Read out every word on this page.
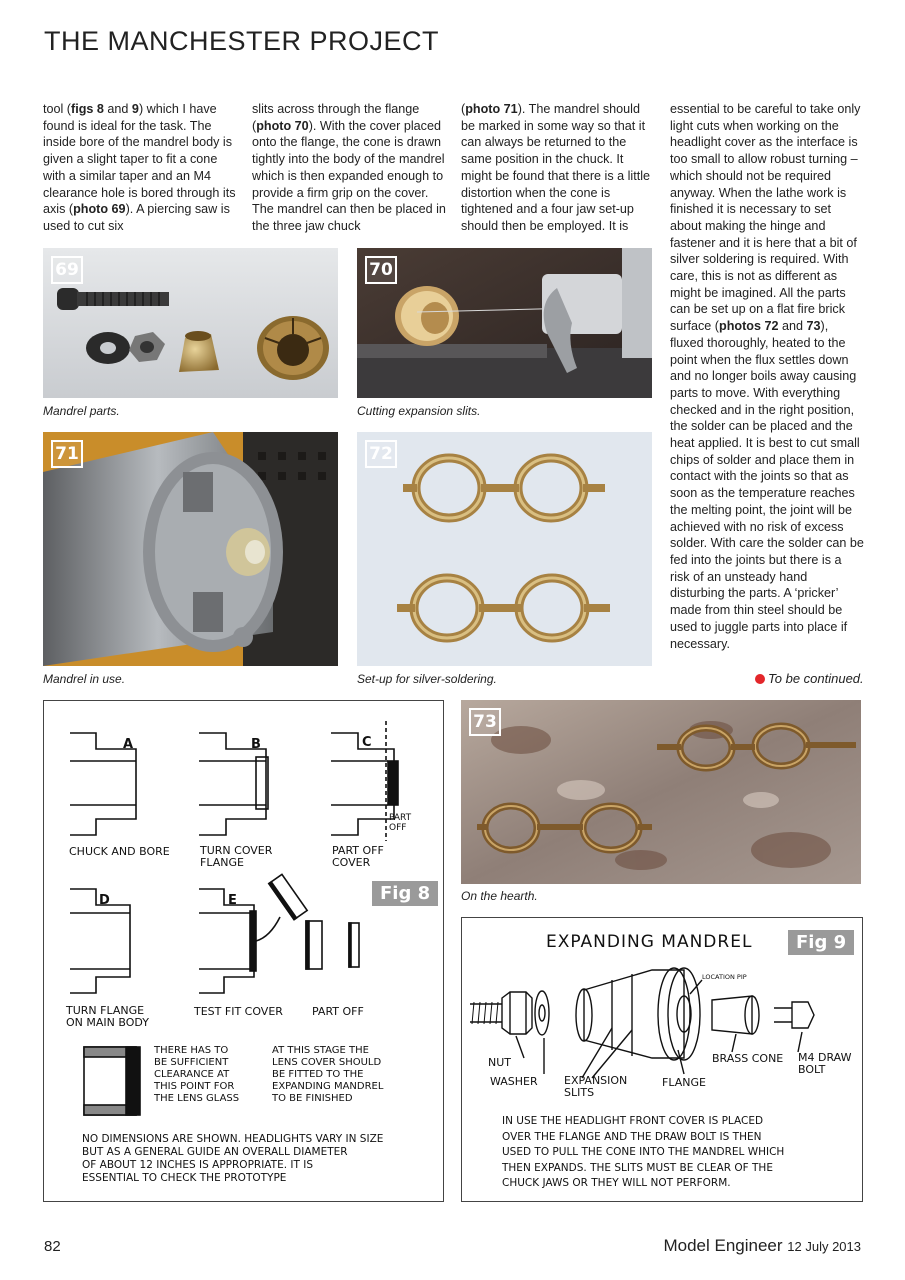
THE MANCHESTER PROJECT
tool (figs 8 and 9) which I have found is ideal for the task. The inside bore of the mandrel body is given a slight taper to fit a cone with a similar taper and an M4 clearance hole is bored through its axis (photo 69). A piercing saw is used to cut six
slits across through the flange (photo 70). With the cover placed onto the flange, the cone is drawn tightly into the body of the mandrel which is then expanded enough to provide a firm grip on the cover. The mandrel can then be placed in the three jaw chuck
(photo 71). The mandrel should be marked in some way so that it can always be returned to the same position in the chuck. It might be found that there is a little distortion when the cone is tightened and a four jaw set-up should then be employed. It is
essential to be careful to take only light cuts when working on the headlight cover as the interface is too small to allow robust turning – which should not be required anyway. When the lathe work is finished it is necessary to set about making the hinge and fastener and it is here that a bit of silver soldering is required. With care, this is not as different as might be imagined. All the parts can be set up on a flat fire brick surface (photos 72 and 73), fluxed thoroughly, heated to the point when the flux settles down and no longer boils away causing parts to move. With everything checked and in the right position, the solder can be placed and the heat applied. It is best to cut small chips of solder and place them in contact with the joints so that as soon as the temperature reaches the melting point, the joint will be achieved with no risk of excess solder. With care the solder can be fed into the joints but there is a risk of an unsteady hand disturbing the parts. A ‘pricker’ made from thin steel should be used to juggle parts into place if necessary.
To be continued.
69
Mandrel parts.
70
Cutting expansion slits.
71
Mandrel in use.
72
Set-up for silver-soldering.
73
On the hearth.
A	B	C
PART
OFF
CHUCK AND BORE	TURN COVER
FLANGE
PART OFF
COVER
Fig 8
D	E
TURN FLANGE
ON MAIN BODY
TEST FIT COVER	PART OFF
THERE HAS TO
BE SUFFICIENT
CLEARANCE AT
THIS POINT FOR
THE LENS GLASS
AT THIS STAGE THE
LENS COVER SHOULD
BE FITTED TO THE
EXPANDING MANDREL
TO BE FINISHED
NO DIMENSIONS ARE SHOWN. HEADLIGHTS VARY IN SIZE
BUT AS A GENERAL GUIDE AN OVERALL DIAMETER
OF ABOUT 12 INCHES IS APPROPRIATE. IT IS
ESSENTIAL TO CHECK THE PROTOTYPE
EXPANDING MANDREL	Fig 9
LOCATION PIP
NUT
WASHER EXPANSION
SLITS
FLANGE
BRASS CONE M4 DRAW
BOLT
IN USE THE HEADLIGHT FRONT COVER IS PLACED
OVER THE FLANGE AND THE DRAW BOLT IS THEN
USED TO PULL THE CONE INTO THE MANDREL WHICH
THEN EXPANDS. THE SLITS MUST BE CLEAR OF THE
CHUCK JAWS OR THEY WILL NOT PERFORM.
82	Model Engineer 12 July 2013
